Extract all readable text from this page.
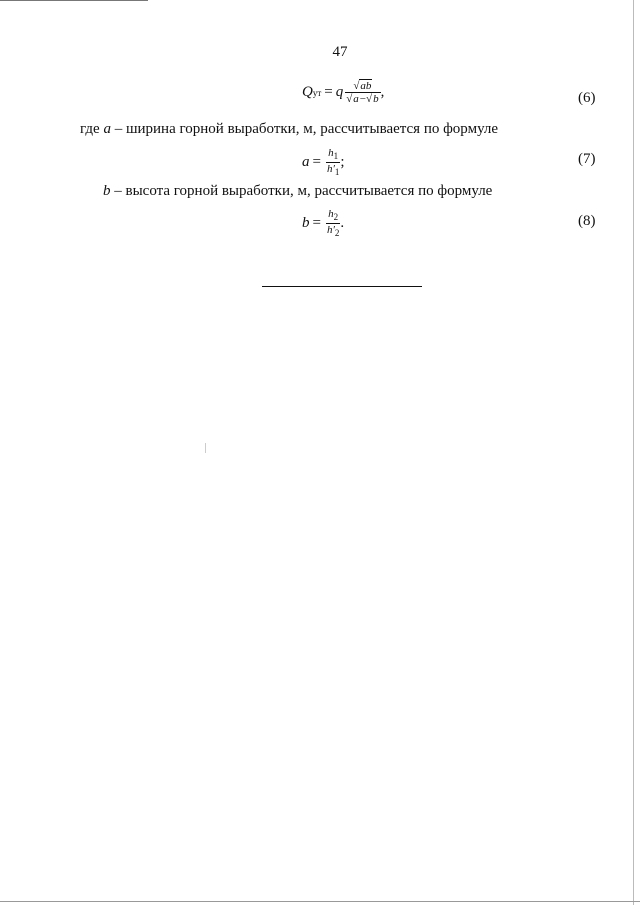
47
Q ут = q $\frac{√ab}{√a-√b}$ ,	(6)
где a – ширина горной выработки, м, рассчитывается по формуле
$a = \frac{h_1}{h'_1}$ ;	(7)
b – высота горной выработки, м, рассчитывается по формуле
$b = \frac{h_2}{h'_2}$ .	(8)
